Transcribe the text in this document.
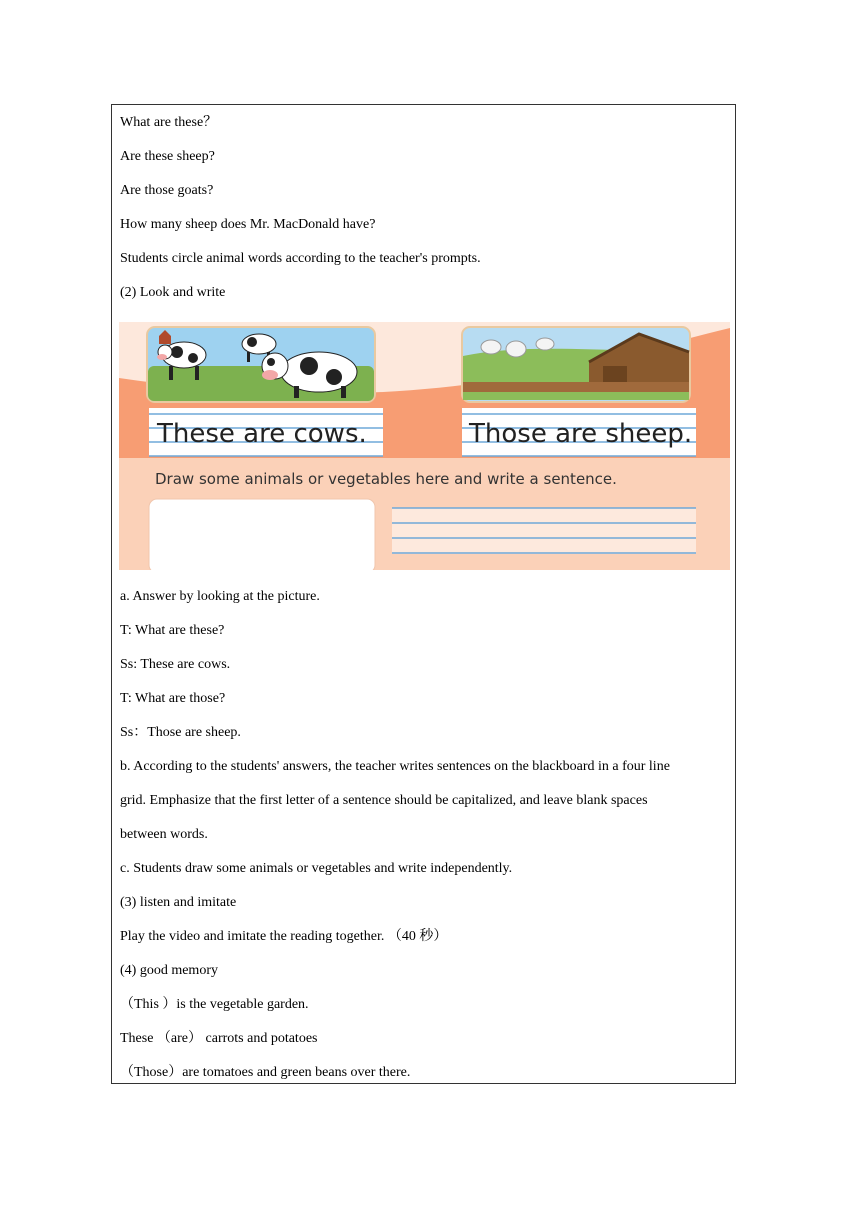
What are these？
Are these sheep?
Are those goats?
How many sheep does Mr. MacDonald have?
Students circle animal words according to the teacher's prompts.
(2) Look and write
These are cows.	Those are sheep.
Draw some animals or vegetables here and write a sentence.
a. Answer by looking at the picture.
T: What are these?
Ss: These are cows.
T: What are those?
Ss：Those are sheep.
b. According to the students' answers, the teacher writes sentences on the blackboard in a four line
grid. Emphasize that the first letter of a sentence should be capitalized, and leave blank spaces
between words.
c. Students draw some animals or vegetables and write independently.
(3) listen and imitate
Play the video and imitate the reading together. （40 秒）
(4) good memory
（This ）is the vegetable garden.
These （are） carrots and potatoes
（Those）are tomatoes and green beans over there.
